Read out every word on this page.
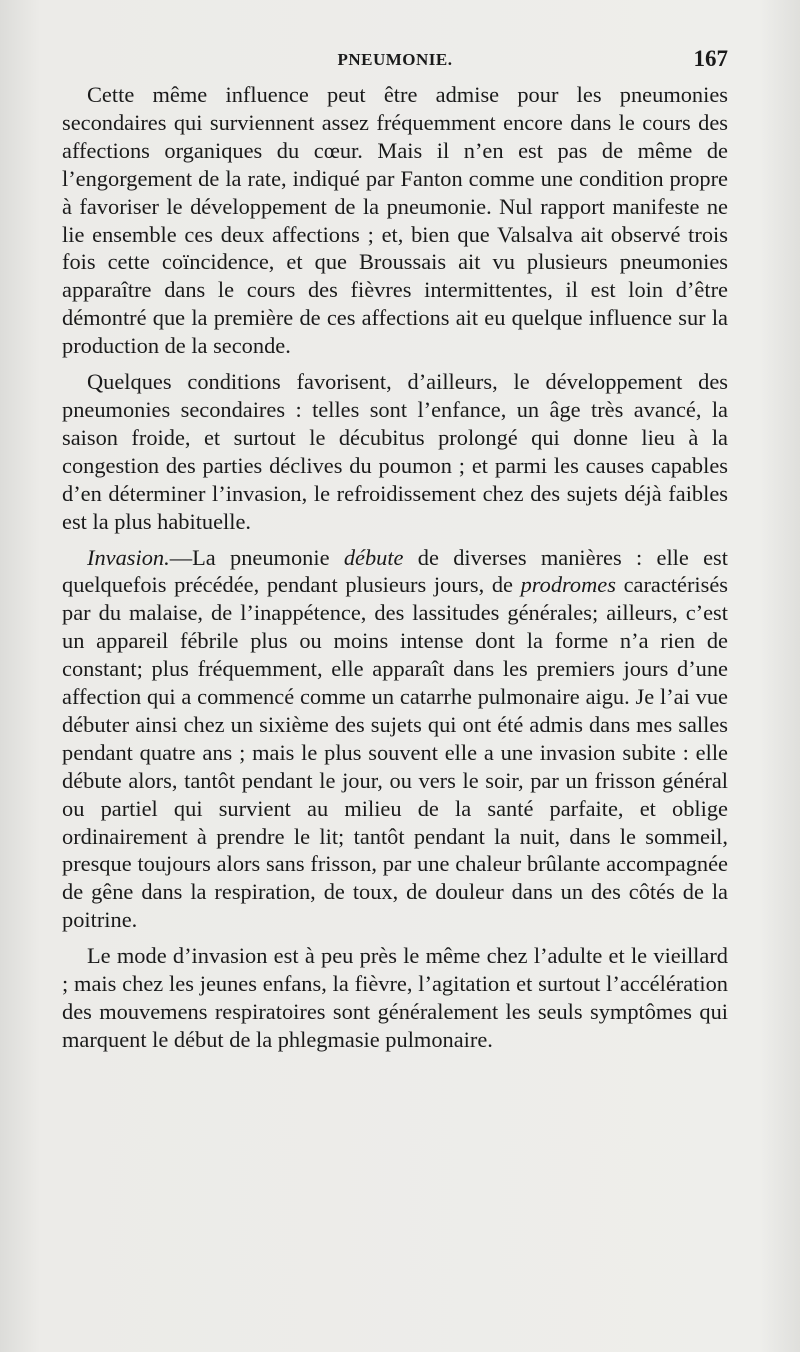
PNEUMONIE.	167

Cette même influence peut être admise pour les pneumonies secondaires qui surviennent assez fréquemment encore dans le cours des affections organiques du cœur. Mais il n’en est pas de même de l’engorgement de la rate, indiqué par Fanton comme une condition propre à favoriser le développement de la pneumonie. Nul rapport manifeste ne lie ensemble ces deux affections ; et, bien que Valsalva ait observé trois fois cette coïncidence, et que Broussais ait vu plusieurs pneumonies apparaître dans le cours des fièvres intermittentes, il est loin d’être démontré que la première de ces affections ait eu quelque influence sur la production de la seconde.

Quelques conditions favorisent, d’ailleurs, le développement des pneumonies secondaires : telles sont l’enfance, un âge très avancé, la saison froide, et surtout le décubitus prolongé qui donne lieu à la congestion des parties déclives du poumon ; et parmi les causes capables d’en déterminer l’invasion, le refroidissement chez des sujets déjà faibles est la plus habituelle.

Invasion.—La pneumonie débute de diverses manières : elle est quelquefois précédée, pendant plusieurs jours, de prodromes caractérisés par du malaise, de l’inappétence, des lassitudes générales; ailleurs, c’est un appareil fébrile plus ou moins intense dont la forme n’a rien de constant; plus fréquemment, elle apparaît dans les premiers jours d’une affection qui a commencé comme un catarrhe pulmonaire aigu. Je l’ai vue débuter ainsi chez un sixième des sujets qui ont été admis dans mes salles pendant quatre ans ; mais le plus souvent elle a une invasion subite : elle débute alors, tantôt pendant le jour, ou vers le soir, par un frisson général ou partiel qui survient au milieu de la santé parfaite, et oblige ordinairement à prendre le lit; tantôt pendant la nuit, dans le sommeil, presque toujours alors sans frisson, par une chaleur brûlante accompagnée de gêne dans la respiration, de toux, de douleur dans un des côtés de la poitrine.

Le mode d’invasion est à peu près le même chez l’adulte et le vieillard ; mais chez les jeunes enfans, la fièvre, l’agitation et surtout l’accélération des mouvemens respiratoires sont généralement les seuls symptômes qui marquent le début de la phlegmasie pulmonaire.
